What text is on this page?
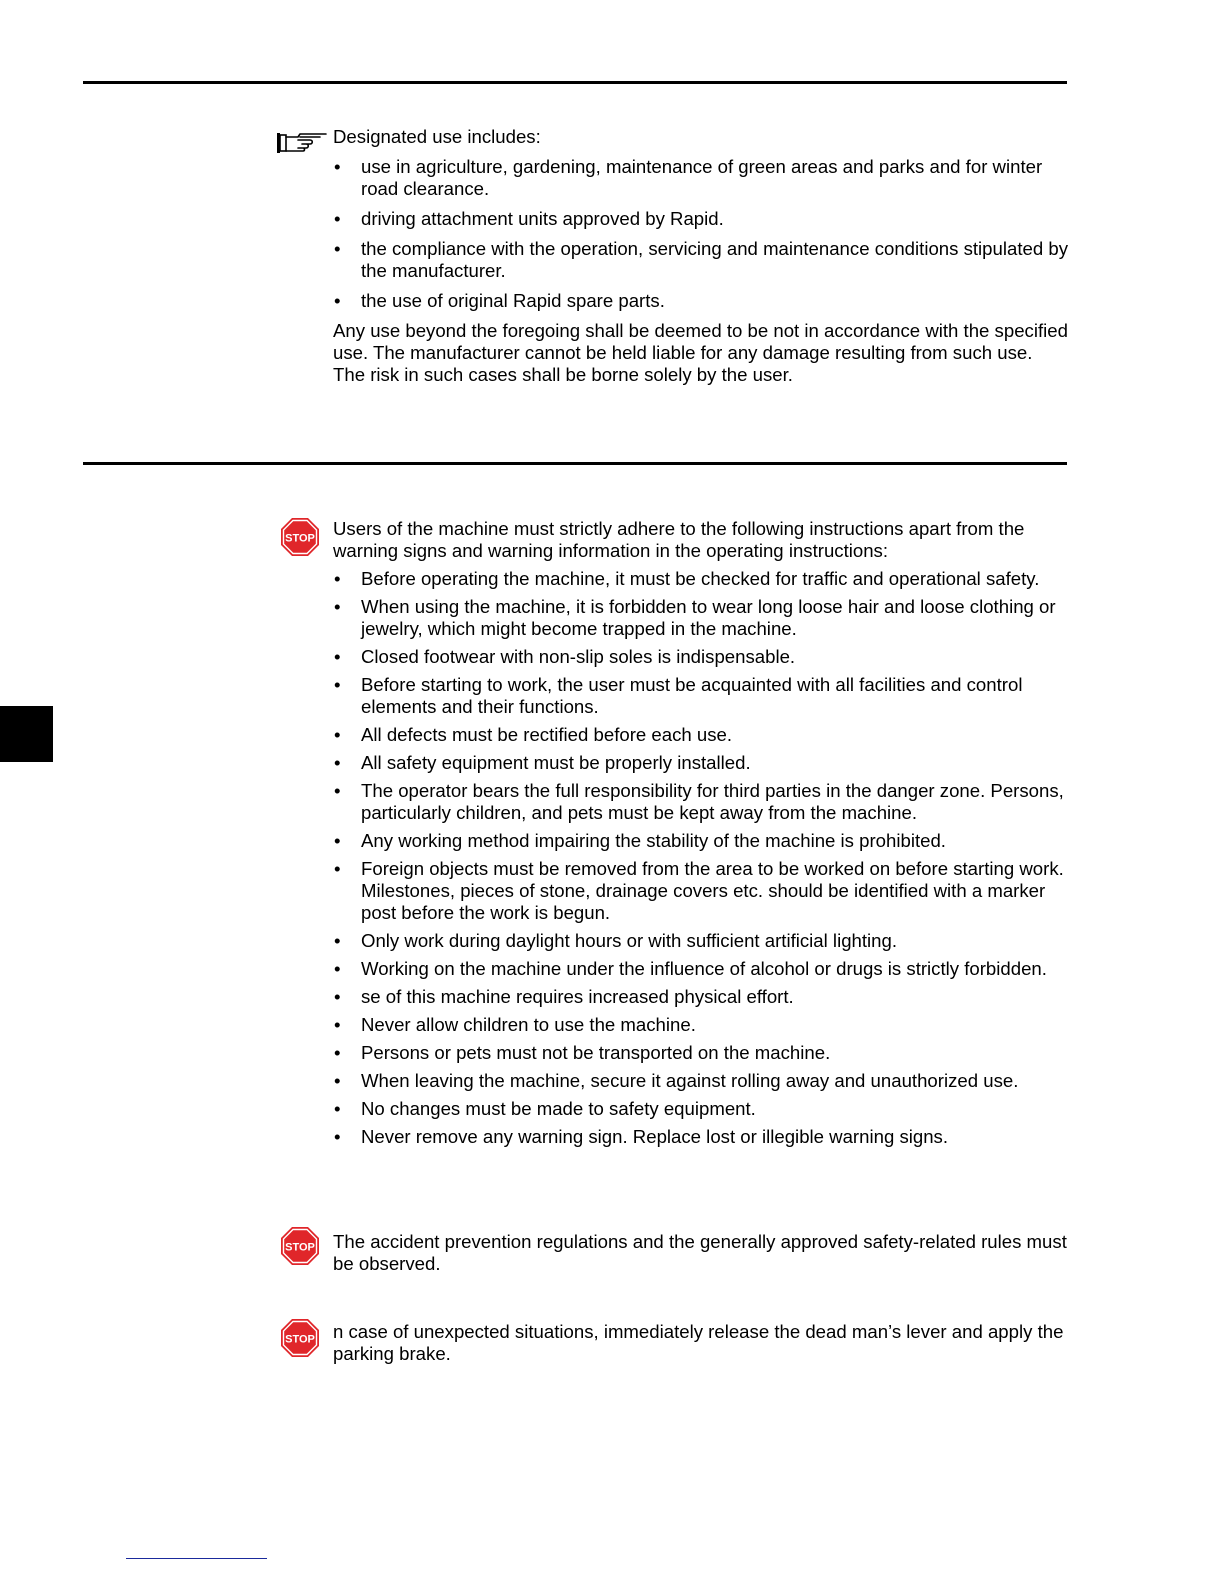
Designated use includes:

• use in agriculture, gardening, maintenance of green areas and parks and for winter road clearance.
• driving attachment units approved by Rapid.
• the compliance with the operation, servicing and maintenance conditions stipulated by the manufacturer.
• the use of original Rapid spare parts.

Any use beyond the foregoing shall be deemed to be not in accordance with the specified use. The manufacturer cannot be held liable for any damage resulting from such use. The risk in such cases shall be borne solely by the user.

STOP Users of the machine must strictly adhere to the following instructions apart from the warning signs and warning information in the operating instructions:

• Before operating the machine, it must be checked for traffic and operational safety.
• When using the machine, it is forbidden to wear long loose hair and loose clothing or jewelry, which might become trapped in the machine.
• Closed footwear with non-slip soles is indispensable.
• Before starting to work, the user must be acquainted with all facilities and control elements and their functions.
• All defects must be rectified before each use.
• All safety equipment must be properly installed.
• The operator bears the full responsibility for third parties in the danger zone. Persons, particularly children, and pets must be kept away from the machine.
• Any working method impairing the stability of the machine is prohibited.
• Foreign objects must be removed from the area to be worked on before starting work. Milestones, pieces of stone, drainage covers etc. should be identified with a marker post before the work is begun.
• Only work during daylight hours or with sufficient artificial lighting.
• Working on the machine under the influence of alcohol or drugs is strictly forbidden.
• se of this machine requires increased physical effort.
• Never allow children to use the machine.
• Persons or pets must not be transported on the machine.
• When leaving the machine, secure it against rolling away and unauthorized use.
• No changes must be made to safety equipment.
• Never remove any warning sign. Replace lost or illegible warning signs.
STOP The accident prevention regulations and the generally approved safety-related rules must be observed.

STOP n case of unexpected situations, immediately release the dead man’s lever and apply the parking brake.
